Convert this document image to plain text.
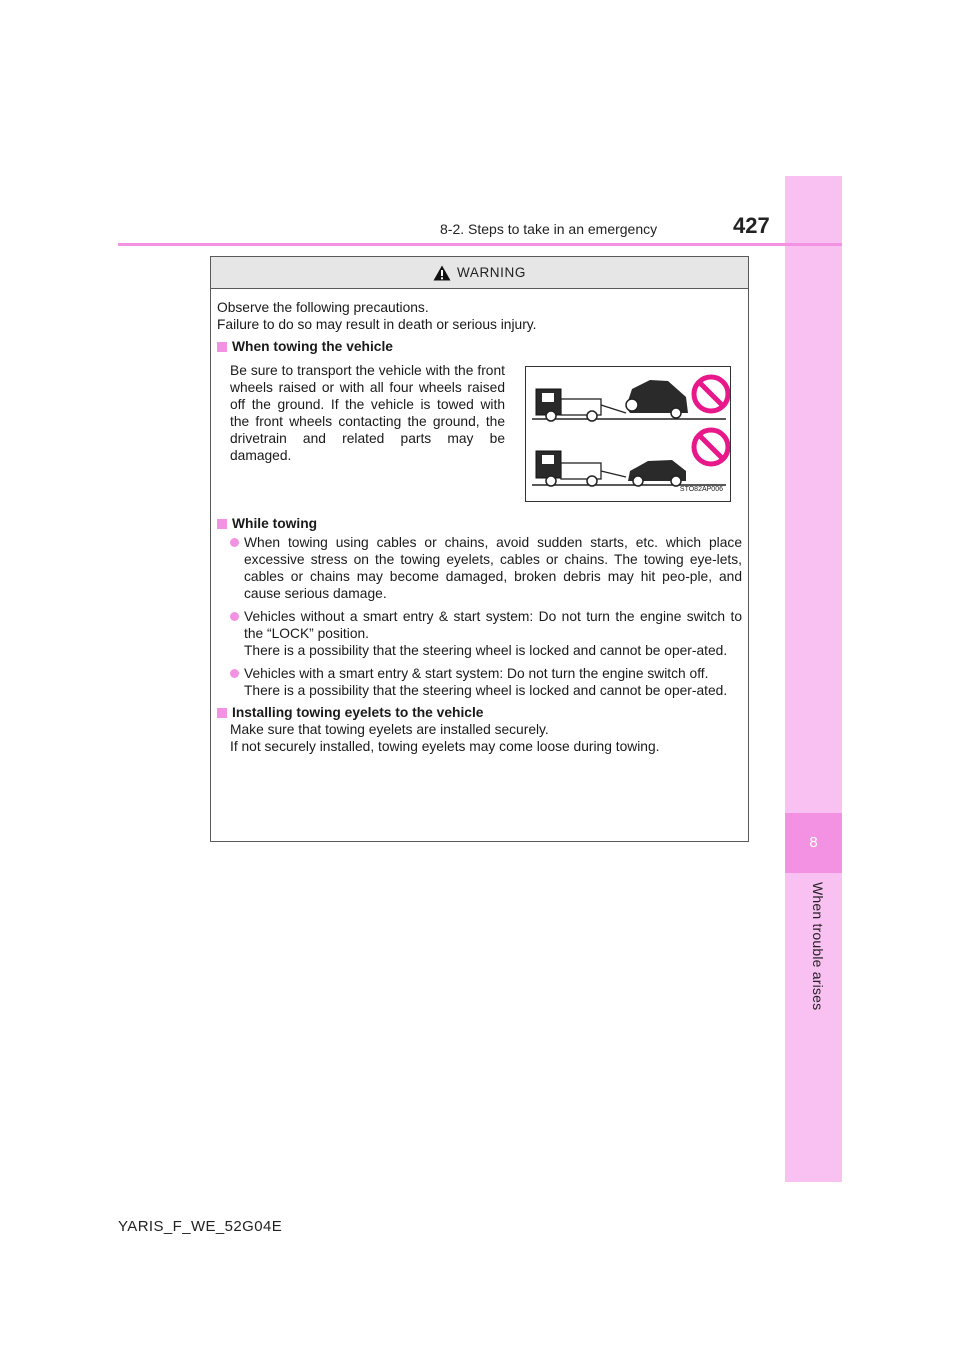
8
When trouble arises
8-2. Steps to take in an emergency	427
WARNING

Observe the following precautions.

Failure to do so may result in death or serious injury.

When towing the vehicle

Be sure to transport the vehicle with the front wheels raised or with all four wheels raised off the ground. If the vehicle is towed with the front wheels contacting the ground, the drivetrain and related parts may be damaged.

STO82AP006
While towing
When towing using cables or chains, avoid sudden starts, etc. which place excessive stress on the towing eyelets, cables or chains. The towing eye-lets, cables or chains may become damaged, broken debris may hit peo-ple, and cause serious damage.
Vehicles without a smart entry & start system: Do not turn the engine switch to the “LOCK” position.
There is a possibility that the steering wheel is locked and cannot be oper-ated.
Vehicles with a smart entry & start system: Do not turn the engine switch off.
There is a possibility that the steering wheel is locked and cannot be oper-ated.
Installing towing eyelets to the vehicle

Make sure that towing eyelets are installed securely.

If not securely installed, towing eyelets may come loose during towing.

YARIS_F_WE_52G04E
